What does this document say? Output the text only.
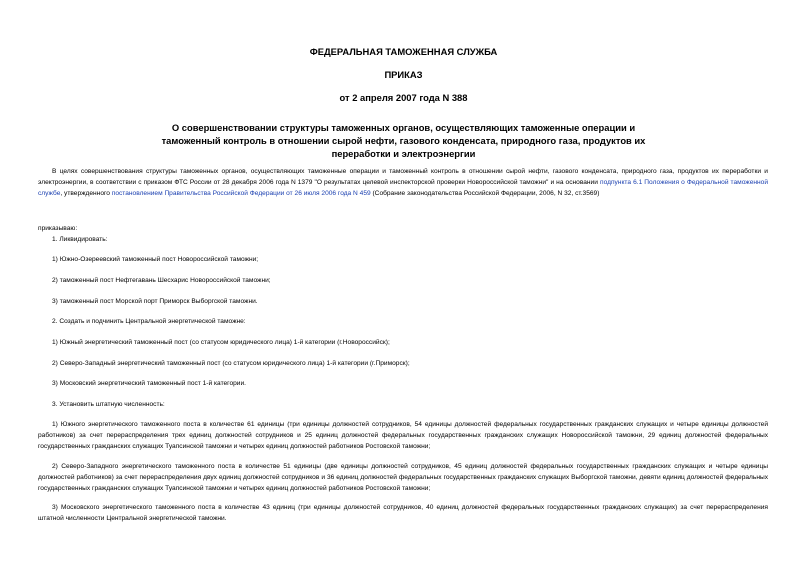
ФЕДЕРАЛЬНАЯ ТАМОЖЕННАЯ СЛУЖБА

ПРИКАЗ

от 2 апреля 2007 года N 388

О совершенствовании структуры таможенных органов, осуществляющих таможенные операции и таможенный контроль в отношении сырой нефти, газового конденсата, природного газа, продуктов их переработки и электроэнергии

В целях совершенствования структуры таможенных органов, осуществляющих таможенные операции и таможенный контроль в отношении сырой нефти, газового конденсата, природного газа, продуктов их переработки и электроэнергии, в соответствии с приказом ФТС России от 28 декабря 2006 года N 1379 "О результатах целевой инспекторской проверки Новороссийской таможни" и на основании подпункта 6.1 Положения о Федеральной таможенной службе, утвержденного постановлением Правительства Российской Федерации от 26 июля 2006 года N 459 (Собрание законодательства Российской Федерации, 2006, N 32, ст.3569)

приказываю:

1. Ликвидировать:

1) Южно-Озереевский таможенный пост Новороссийской таможни;

2) таможенный пост Нефтегавань Шесхарис Новороссийской таможни;

3) таможенный пост Морской порт Приморск Выборгской таможни.

2. Создать и подчинить Центральной энергетической таможне:

1) Южный энергетический таможенный пост (со статусом юридического лица) 1-й категории (г.Новороссийск);

2) Северо-Западный энергетический таможенный пост (со статусом юридического лица) 1-й категории (г.Приморск);

3) Московский энергетический таможенный пост 1-й категории.

3. Установить штатную численность:

1) Южного энергетического таможенного поста в количестве 61 единицы (три единицы должностей сотрудников, 54 единицы должностей федеральных государственных гражданских служащих и четыре единицы должностей работников) за счет перераспределения трех единиц должностей сотрудников и 25 единиц должностей федеральных государственных гражданских служащих Новороссийской таможни, 29 единиц должностей федеральных государственных гражданских служащих Туапсинской таможни и четырех единиц должностей работников Ростовской таможни;

2) Северо-Западного энергетического таможенного поста в количестве 51 единицы (две единицы должностей сотрудников, 45 единиц должностей федеральных государственных гражданских служащих и четыре единицы должностей работников) за счет перераспределения двух единиц должностей сотрудников и 36 единиц должностей федеральных государственных гражданских служащих Выборгской таможни, девяти единиц должностей федеральных государственных гражданских служащих Туапсинской таможни и четырех единиц должностей работников Ростовской таможни;

3) Московского энергетического таможенного поста в количестве 43 единиц (три единицы должностей сотрудников, 40 единиц должностей федеральных государственных гражданских служащих) за счет перераспределения штатной численности Центральной энергетической таможни.
